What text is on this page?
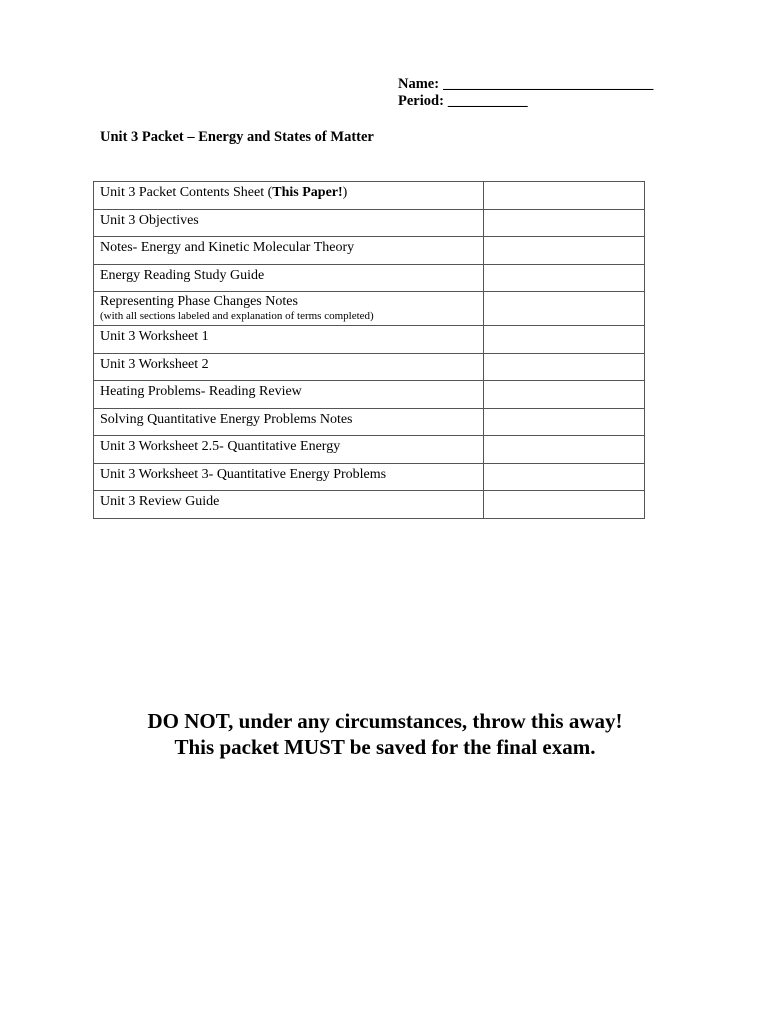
Name: _____________________________
Period: ___________
Unit 3 Packet – Energy and States of Matter
Unit 3 Packet Contents Sheet (This Paper!)	

Unit 3 Objectives	

Notes- Energy and Kinetic Molecular Theory	

Energy Reading Study Guide	

Representing Phase Changes Notes
(with all sections labeled and explanation of terms completed)	

Unit 3 Worksheet 1	

Unit 3 Worksheet 2	

Heating Problems- Reading Review	

Solving Quantitative Energy Problems Notes	

Unit 3 Worksheet 2.5- Quantitative Energy	

Unit 3 Worksheet 3- Quantitative Energy Problems	

Unit 3 Review Guide	

DO NOT, under any circumstances, throw this away!
This packet MUST be saved for the final exam.
